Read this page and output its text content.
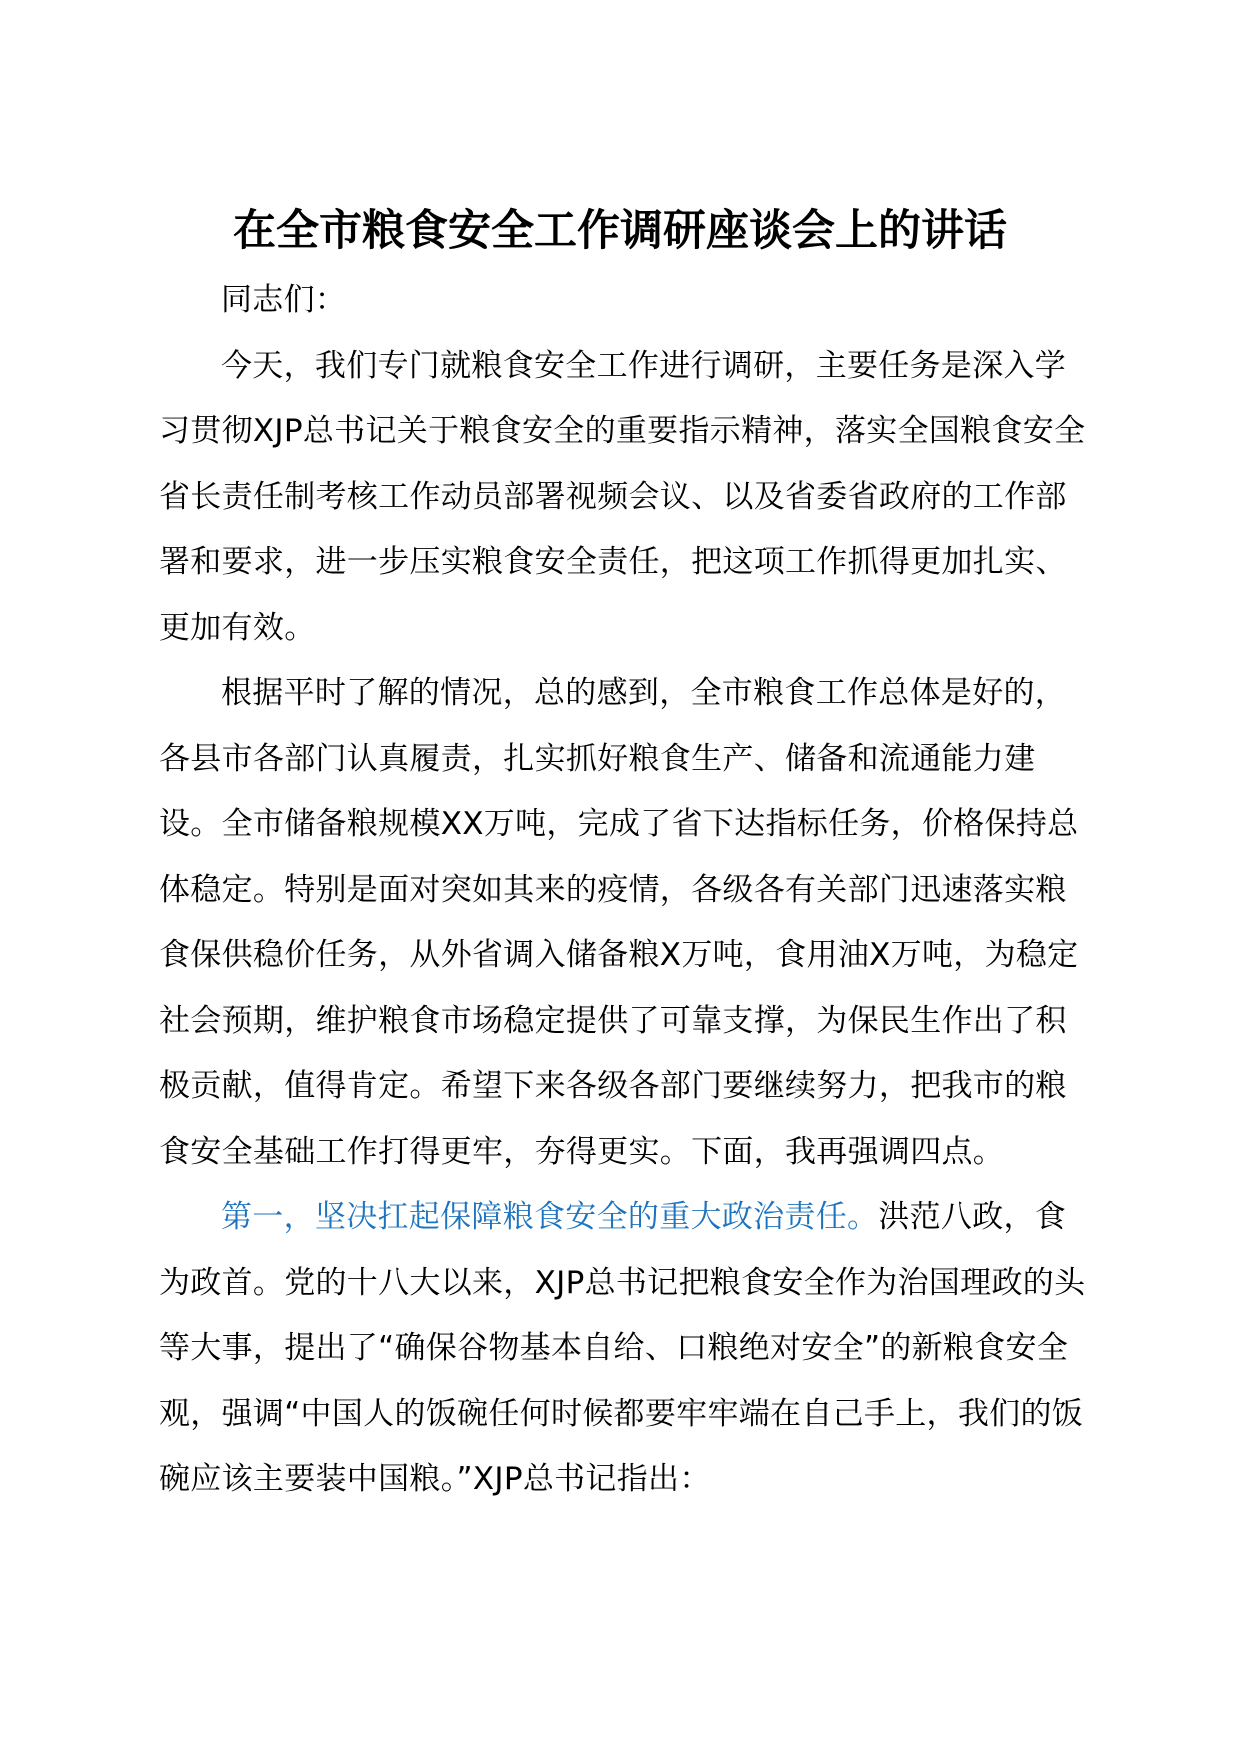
在全市粮食安全工作调研座谈会上的讲话

同志们：

今天，我们专门就粮食安全工作进行调研，主要任务是深入学习贯彻XJP总书记关于粮食安全的重要指示精神，落实全国粮食安全省长责任制考核工作动员部署视频会议、以及省委省政府的工作部署和要求，进一步压实粮食安全责任，把这项工作抓得更加扎实、更加有效。

根据平时了解的情况，总的感到，全市粮食工作总体是好的，各县市各部门认真履责，扎实抓好粮食生产、储备和流通能力建设。全市储备粮规模XX万吨，完成了省下达指标任务，价格保持总体稳定。特别是面对突如其来的疫情，各级各有关部门迅速落实粮食保供稳价任务，从外省调入储备粮X万吨，食用油X万吨，为稳定社会预期，维护粮食市场稳定提供了可靠支撑，为保民生作出了积极贡献，值得肯定。希望下来各级各部门要继续努力，把我市的粮食安全基础工作打得更牢，夯得更实。下面，我再强调四点。

第一，坚决扛起保障粮食安全的重大政治责任。洪范八政，食为政首。党的十八大以来，XJP总书记把粮食安全作为治国理政的头等大事，提出了“确保谷物基本自给、口粮绝对安全”的新粮食安全观，强调“中国人的饭碗任何时候都要牢牢端在自己手上，我们的饭碗应该主要装中国粮。”XJP总书记指出：
